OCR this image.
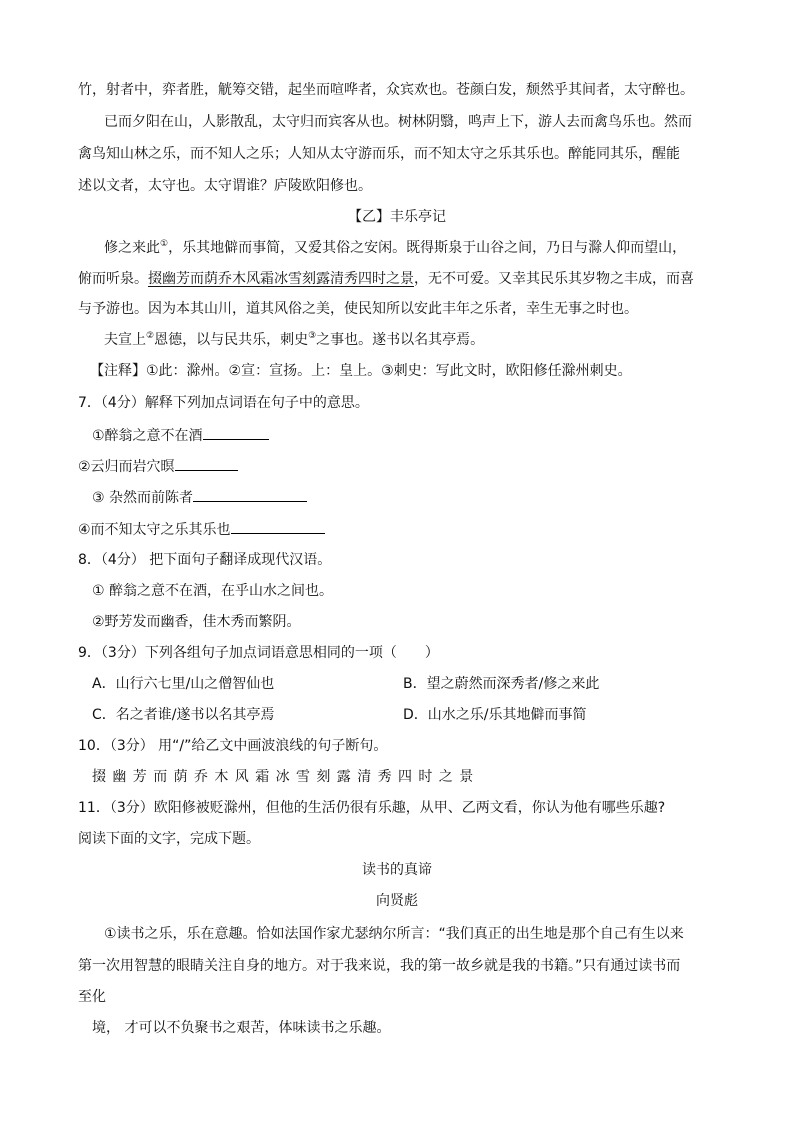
竹，射者中，弈者胜，觥筹交错，起坐而喧哗者，众宾欢也。苍颜白发，颓然乎其间者，太守醉也。
已而夕阳在山，人影散乱，太守归而宾客从也。树林阴翳，鸣声上下，游人去而禽鸟乐也。然而
禽鸟知山林之乐，而不知人之乐；人知从太守游而乐，而不知太守之乐其乐也。醉能同其乐，醒能
述以文者，太守也。太守谓谁？庐陵欧阳修也。
【乙】丰乐亭记
修之来此①，乐其地僻而事简，又爱其俗之安闲。既得斯泉于山谷之间，乃日与滁人仰而望山，
俯而听泉。掇幽芳而荫乔木风霜冰雪刻露清秀四时之景，无不可爱。又幸其民乐其岁物之丰成，而喜
与予游也。因为本其山川，道其风俗之美，使民知所以安此丰年之乐者，幸生无事之时也。
夫宣上②恩德，以与民共乐，刺史③之事也。遂书以名其亭焉。
【注释】①此：滁州。②宣：宣扬。上：皇上。③刺史：写此文时，欧阳修任滁州刺史。
7．（4分）解释下列加点词语在句子中的意思。
①醉翁之意不在酒
②云归而岩穴暝
③ 杂然而前陈者
④而不知太守之乐其乐也
8．（4分） 把下面句子翻译成现代汉语。
① 醉翁之意不在酒，在乎山水之间也。
②野芳发而幽香，佳木秀而繁阴。
9．（3分）下列各组句子加点词语意思相同的一项（　　）
A．山行六七里/山之僧智仙也	B．望之蔚然而深秀者/修之来此
C．名之者谁/遂书以名其亭焉	D．山水之乐/乐其地僻而事简
10．（3分） 用“/”给乙文中画波浪线的句子断句。
掇幽芳而荫乔木风霜冰雪刻露清秀四时之景
11．（3分）欧阳修被贬滁州，但他的生活仍很有乐趣，从甲、乙两文看，你认为他有哪些乐趣?
阅读下面的文字，完成下题。
读书的真谛
向贤彪
①读书之乐，乐在意趣。恰如法国作家尤瑟纳尔所言：“我们真正的出生地是那个自己有生以来
第一次用智慧的眼睛关注自身的地方。对于我来说，我的第一故乡就是我的书籍。”只有通过读书而
至化
境， 才可以不负聚书之艰苦，体味读书之乐趣。
